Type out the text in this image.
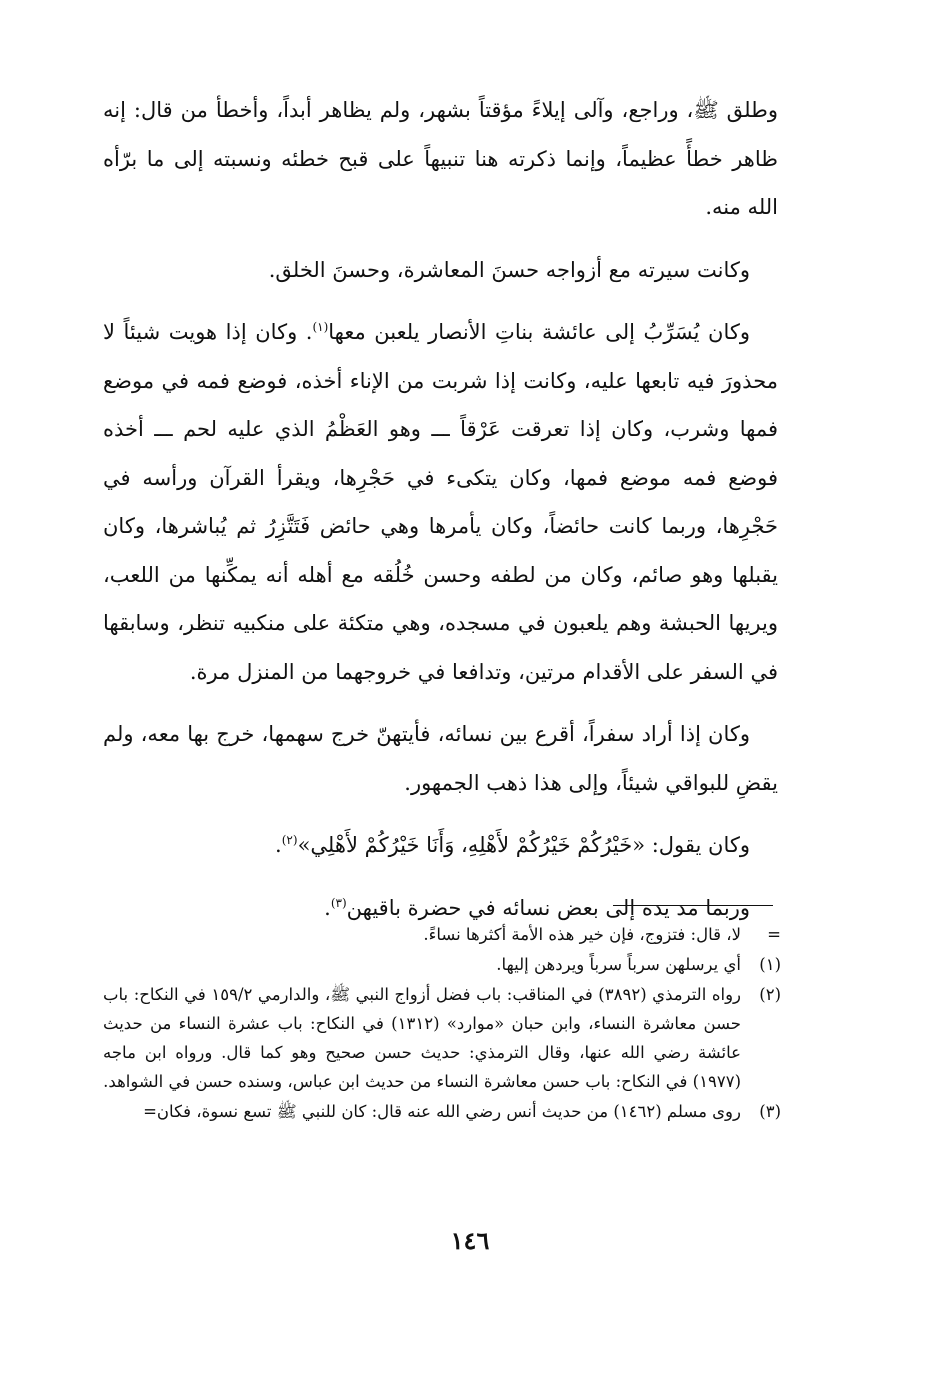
وطلق ﷺ، وراجع، وآلى إيلاءً مؤقتاً بشهر، ولم يظاهر أبداً، وأخطأ من قال: إنه ظاهر خطأً عظيماً، وإنما ذكرته هنا تنبيهاً على قبح خطئه ونسبته إلى ما برّأه الله منه.

وكانت سيرته مع أزواجه حسنَ المعاشرة، وحسنَ الخلق.

وكان يُسَرِّبُ إلى عائشة بناتِ الأنصار يلعبن معها$^{(١)}$. وكان إذا هويت شيئاً لا محذورَ فيه تابعها عليه، وكانت إذا شربت من الإناء أخذه، فوضع فمه في موضع فمها وشرب، وكان إذا تعرقت عَرْقاً ـــ وهو العَظْمُ الذي عليه لحم ـــ أخذه فوضع فمه موضع فمها، وكان يتكىء في حَجْرِها، ويقرأ القرآن ورأسه في حَجْرِها، وربما كانت حائضاً، وكان يأمرها وهي حائض فَتَتَّزِرُ ثم يُباشرها، وكان يقبلها وهو صائم، وكان من لطفه وحسن خُلُقه مع أهله أنه يمكِّنها من اللعب، ويريها الحبشة وهم يلعبون في مسجده، وهي متكئة على منكبيه تنظر، وسابقها في السفر على الأقدام مرتين، وتدافعا في خروجهما من المنزل مرة.

وكان إذا أراد سفراً، أقرع بين نسائه، فأيتهنّ خرج سهمها، خرج بها معه، ولم يقضِ للبواقي شيئاً، وإلى هذا ذهب الجمهور.

وكان يقول: «خَيْرُكُمْ خَيْرُكُمْ لأَهْلِهِ، وَأَنَا خَيْرُكُمْ لأَهْلِي»$^{(٢)}$.

وربما مد يده إلى بعض نسائه في حضرة باقيهن$^{(٣)}$.

=
لا، قال: فتزوج، فإن خير هذه الأمة أكثرها نساءً.
(١)
أي يرسلهن سرباً سرباً ويردهن إليها.
(٢)
رواه الترمذي (٣٨٩٢) في المناقب: باب فضل أزواج النبي ﷺ، والدارمي ١٥٩/٢ في النكاح: باب حسن معاشرة النساء، وابن حبان «موارد» (١٣١٢) في النكاح: باب عشرة النساء من حديث عائشة رضي الله عنها، وقال الترمذي: حديث حسن صحيح وهو كما قال. ورواه ابن ماجه (١٩٧٧) في النكاح: باب حسن معاشرة النساء من حديث ابن عباس، وسنده حسن في الشواهد.
(٣)
روى مسلم (١٤٦٢) من حديث أنس رضي الله عنه قال: كان للنبي ﷺ تسع نسوة، فكان=
١٤٦
